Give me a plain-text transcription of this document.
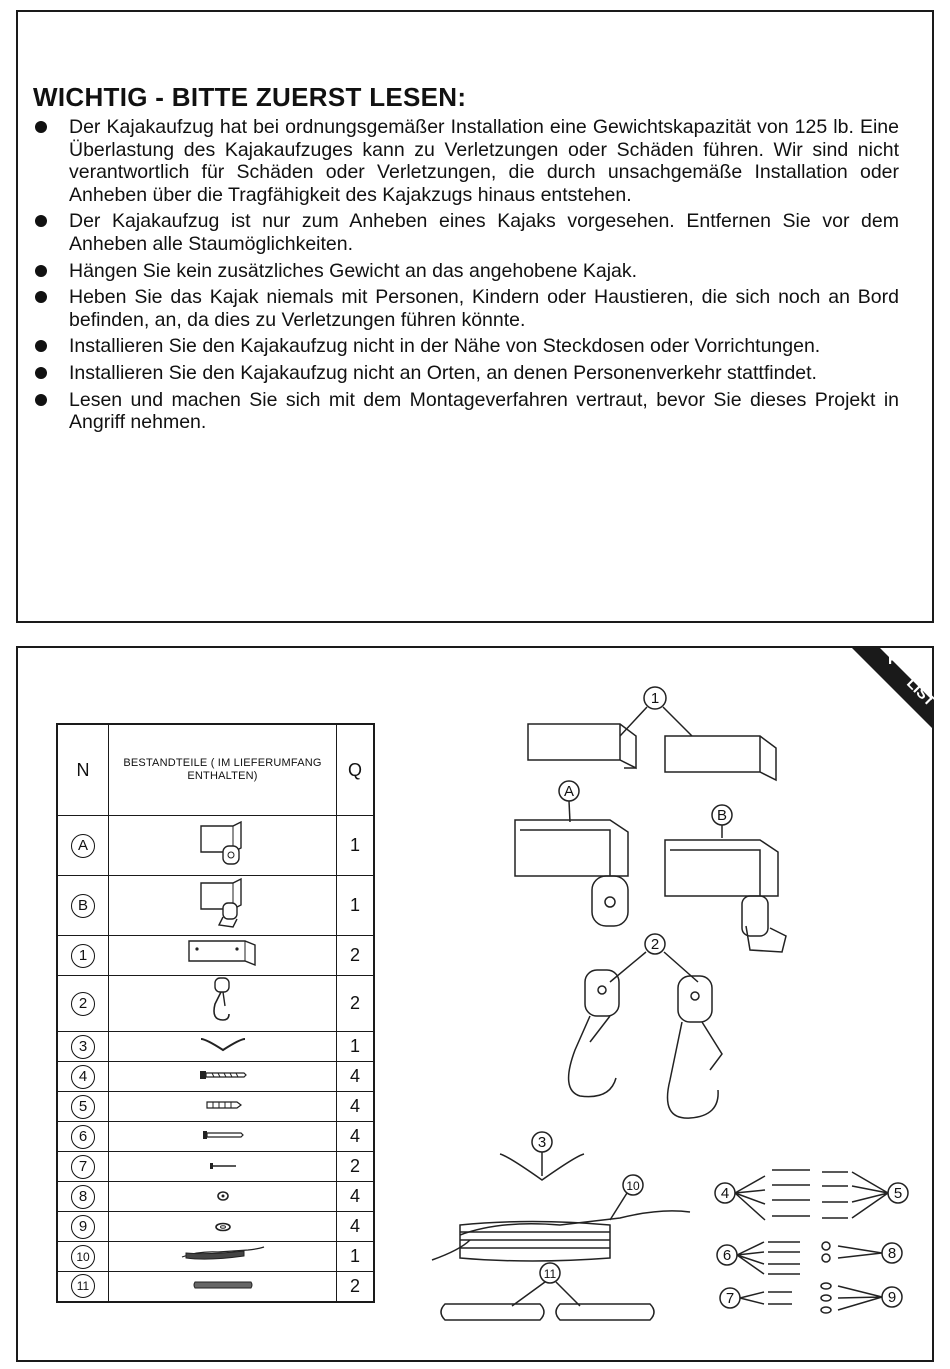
WICHTIG - BITTE ZUERST LESEN:
Der Kajakaufzug hat bei ordnungsgemäßer Installation eine Gewichtskapazität von 125 lb. Eine Überlastung des Kajakaufzuges kann zu Verletzungen oder Schäden führen. Wir sind nicht verantwortlich für Schäden oder Verletzungen, die durch unsachgemäße Installation oder Anheben über die Tragfähigkeit des Kajakzugs hinaus entstehen.
Der Kajakaufzug ist nur zum Anheben eines Kajaks vorgesehen. Entfernen Sie vor dem Anheben alle Staumöglichkeiten.
Hängen Sie kein zusätzliches Gewicht an das angehobene Kajak.
Heben Sie das Kajak niemals mit Personen, Kindern oder Haustieren, die sich noch an Bord befinden, an, da dies zu Verletzungen führen könnte.
Installieren Sie den Kajakaufzug nicht in der Nähe von Steckdosen oder Vorrichtungen.
Installieren Sie den Kajakaufzug nicht an Orten, an denen Personenverkehr stattfindet.
Lesen und machen Sie sich mit dem Montageverfahren vertraut, bevor Sie dieses Projekt in Angriff nehmen.
PART
LIST
N	BESTANDTEILE ( IM LIEFERUMFANG ENTHALTEN)	Q
A		1
B		1
1		2
2		2
3		1
4		4
5		4
6		4
7		2
8		4
9		4
10		1
11		2
1
A
B
2
3
10
11
4	5
6	8
7	9
